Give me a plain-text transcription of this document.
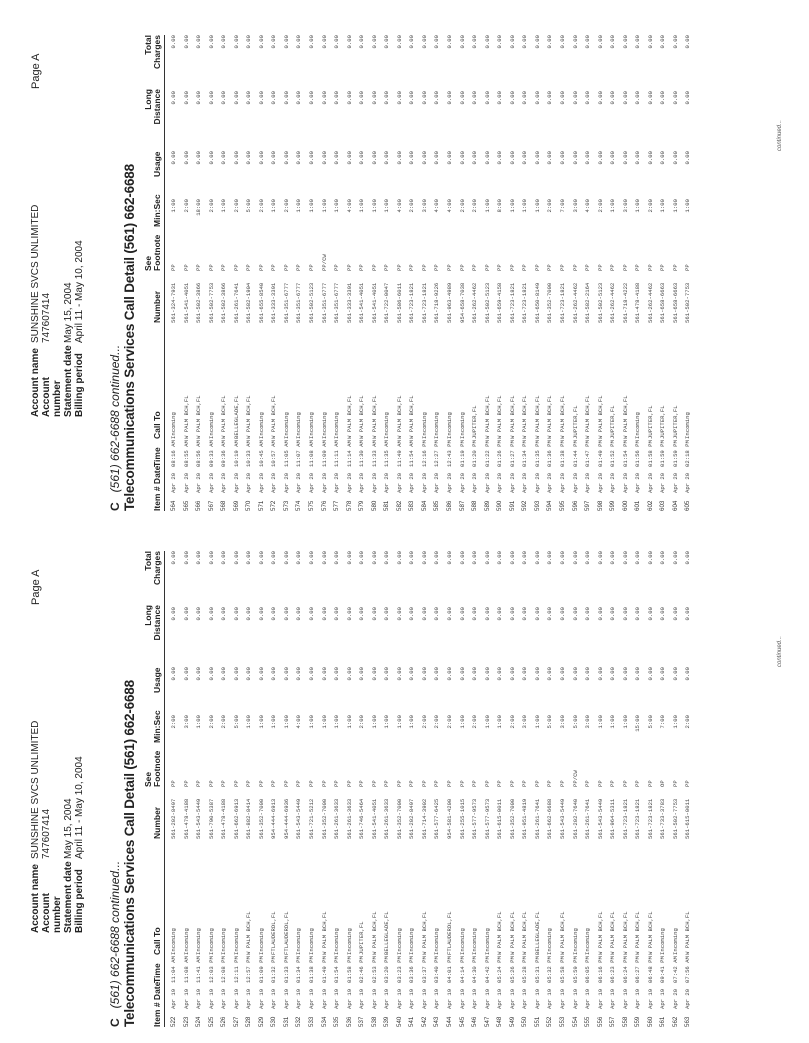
Account name
SUNSHINE SVCS UNLIMITED
Account number
747607414
Statement date
May 15, 2004
Billing period
April 11 - May 10, 2004
Page A
C(561) 662-6688 continued... Telecommunications Services Call Detail (561) 662-6688 Item # Date
Time
Call To
Number
See Footnote
Min:Sec
Usage
Long Distance
Total Charges
522
Apr 19
11:04 AM
Incoming
561-202-8497
PP
2:00
0.00
0.00
0.00
523
Apr 19
11:08 AM
Incoming
561-478-4188
PP
3:00
0.00
0.00
0.00
524
Apr 19
11:41 AM
Incoming
561-543-5449
PP
1:00
0.00
0.00
0.00
525
Apr 19
12:03 PM
Incoming
561-790-5387
PP
2:00
0.00
0.00
0.00
526
Apr 19
12:08 PM
Incoming
561-478-4188
PP
2:00
0.00
0.00
0.00
527
Apr 19
12:11 PM
Incoming
561-662-6913
PP
5:00
0.00
0.00
0.00
528
Apr 19
12:57 PM
W PALM BCH,FL
561-882-8414
PP
1:00
0.00
0.00
0.00
529
Apr 19
01:09 PM
Incoming
561-352-7000
PP
1:00
0.00
0.00
0.00
530
Apr 19
01:32 PM
FTLAUDERDL,FL
954-444-6913
PP
1:00
0.00
0.00
0.00
531
Apr 19
01:33 PM
FTLAUDERDL,FL
954-444-6936
PP
1:00
0.00
0.00
0.00
532
Apr 19
01:34 PM
Incoming
561-543-5449
PP
4:00
0.00
0.00
0.00
533
Apr 19
01:38 PM
Incoming
561-721-5212
PP
1:00
0.00
0.00
0.00
534
Apr 19
01:49 PM
W PALM BCH,FL
561-352-7000
PP
1:00
0.00
0.00
0.00
535
Apr 19
01:54 PM
Incoming
561-261-3633
PP
1:00
0.00
0.00
0.00
536
Apr 19
01:58 PM
Incoming
561-261-3633
PP
1:00
0.00
0.00
0.00
537
Apr 19
02:46 PM
JUPITER,FL
561-746-5464
PP
2:00
0.00
0.00
0.00
538
Apr 19
02:53 PM
W PALM BCH,FL
561-541-4051
PP
1:00
0.00
0.00
0.00
539
Apr 19
03:20 PM
BELLEGLADE,FL
561-261-3633
PP
1:00
0.00
0.00
0.00
540
Apr 19
03:23 PM
Incoming
561-352-7000
PP
1:00
0.00
0.00
0.00
541
Apr 19
03:36 PM
Incoming
561-202-8497
PP
1:00
0.00
0.00
0.00
542
Apr 19
03:37 PM
W PALM BCH,FL
561-714-3902
PP
2:00
0.00
0.00
0.00
543
Apr 19
03:40 PM
Incoming
561-577-6425
PP
2:00
0.00
0.00
0.00
544
Apr 19
04:01 PM
FTLAUDERDL,FL
954-581-4200
PP
2:00
0.00
0.00
0.00
545
Apr 19
04:14 PM
Incoming
561-255-1015
PP
1:00
0.00
0.00
0.00
546
Apr 19
04:30 PM
Incoming
561-577-9573
PP
2:00
0.00
0.00
0.00
547
Apr 19
04:42 PM
Incoming
561-577-9573
PP
1:00
0.00
0.00
0.00
548
Apr 19
05:24 PM
W PALM BCH,FL
561-615-0011
PP
1:00
0.00
0.00
0.00
549
Apr 19
05:26 PM
W PALM BCH,FL
561-352-7000
PP
2:00
0.00
0.00
0.00
550
Apr 19
05:28 PM
W PALM BCH,FL
561-951-4819
PP
3:00
0.00
0.00
0.00
551
Apr 19
05:31 PM
BELLEGLADE,FL
561-261-7641
PP
1:00
0.00
0.00
0.00
552
Apr 19
05:32 PM
Incoming
561-662-6688
PP
5:00
0.00
0.00
0.00
553
Apr 19
05:58 PM
W PALM BCH,FL
561-543-5449
PP
3:00
0.00
0.00
0.00
554
Apr 19
05:59 PM
Incoming
561-202-7640
PP/CW
5:00
0.00
0.00
0.00
555
Apr 19
06:05 PM
Incoming
561-261-7641
PP
3:00
0.00
0.00
0.00
556
Apr 19
06:16 PM
W PALM BCH,FL
561-543-5449
PP
1:00
0.00
0.00
0.00
557
Apr 19
06:23 PM
W PALM BCH,FL
561-964-5311
PP
1:00
0.00
0.00
0.00
558
Apr 19
06:24 PM
W PALM BCH,FL
561-723-1821
PP
1:00
0.00
0.00
0.00
559
Apr 19
06:27 PM
W PALM BCH,FL
561-723-1821
PP
15:00
0.00
0.00
0.00
560
Apr 19
06:48 PM
W PALM BCH,FL
561-723-1821
PP
5:00
0.00
0.00
0.00
561
Apr 19
09:41 PM
Incoming
561-733-3783
OP
7:00
0.00
0.00
0.00
562
Apr 20
07:42 AM
Incoming
561-502-7753
PP
1:00
0.00
0.00
0.00
563
Apr 20
07:56 AM
W PALM BCH,FL
561-615-0011
PP
2:00
0.00
0.00
0.00
continued...
Account name
SUNSHINE SVCS UNLIMITED
Account number
747607414
Statement date
May 15, 2004
Billing period
April 11 - May 10, 2004
Page A
C(561) 662-6688 continued... Telecommunications Services Call Detail (561) 662-6688 Item # Date
Time
Call To
Number
See Footnote
Min:Sec
Usage
Long Distance
Total Charges
564
Apr 20
08:16 AM
Incoming
561-324-7931
PP
1:00
0.00
0.00
0.00
565
Apr 20
08:55 AM
W PALM BCH,FL
561-541-4051
PP
2:00
0.00
0.00
0.00
566
Apr 20
08:56 AM
W PALM BCH,FL
561-502-3866
PP
18:00
0.00
0.00
0.00
567
Apr 20
09:33 AM
Incoming
561-502-7753
PP
2:00
0.00
0.00
0.00
568
Apr 20
09:36 AM
W PALM BCH,FL
561-502-3866
PP
1:00
0.00
0.00
0.00
569
Apr 20
10:19 AM
BELLEGLADE,FL
561-261-7641
PP
2:00
0.00
0.00
0.00
570
Apr 20
10:33 AM
W PALM BCH,FL
561-582-1904
PP
5:00
0.00
0.00
0.00
571
Apr 20
10:45 AM
Incoming
561-655-8540
PP
2:00
0.00
0.00
0.00
572
Apr 20
10:57 AM
W PALM BCH,FL
561-333-3391
PP
1:00
0.00
0.00
0.00
573
Apr 20
11:05 AM
Incoming
561-351-6777
PP
2:00
0.00
0.00
0.00
574
Apr 20
11:07 AM
Incoming
561-351-6777
PP
1:00
0.00
0.00
0.00
575
Apr 20
11:08 AM
Incoming
561-502-5123
PP
1:00
0.00
0.00
0.00
576
Apr 20
11:09 AM
Incoming
561-351-6777
PP/CW
1:00
0.00
0.00
0.00
577
Apr 20
11:11 AM
Incoming
561-351-6777
PP
1:00
0.00
0.00
0.00
578
Apr 20
11:14 AM
W PALM BCH,FL
561-333-3391
PP
4:00
0.00
0.00
0.00
579
Apr 20
11:30 AM
W PALM BCH,FL
561-541-4051
PP
1:00
0.00
0.00
0.00
580
Apr 20
11:33 AM
W PALM BCH,FL
561-541-4051
PP
1:00
0.00
0.00
0.00
581
Apr 20
11:35 AM
Incoming
561-722-0047
PP
1:00
0.00
0.00
0.00
582
Apr 20
11:49 AM
W PALM BCH,FL
561-586-6011
PP
4:00
0.00
0.00
0.00
583
Apr 20
11:54 AM
W PALM BCH,FL
561-723-1821
PP
2:00
0.00
0.00
0.00
584
Apr 20
12:16 PM
Incoming
561-723-1821
PP
3:00
0.00
0.00
0.00
585
Apr 20
12:27 PM
Incoming
561-718-9226
PP
4:00
0.00
0.00
0.00
586
Apr 20
12:43 PM
Incoming
561-963-4989
PP
4:00
0.00
0.00
0.00
587
Apr 20
01:19 PM
Incoming
954-658-7038
PP
2:00
0.00
0.00
0.00
588
Apr 20
01:20 PM
JUPITER,FL
561-262-4462
PP
2:00
0.00
0.00
0.00
589
Apr 20
01:22 PM
W PALM BCH,FL
561-502-5123
PP
1:00
0.00
0.00
0.00
590
Apr 20
01:26 PM
W PALM BCH,FL
561-659-4158
PP
8:00
0.00
0.00
0.00
591
Apr 20
01:27 PM
W PALM BCH,FL
561-723-1821
PP
1:00
0.00
0.00
0.00
592
Apr 20
01:34 PM
W PALM BCH,FL
561-723-1821
PP
1:00
0.00
0.00
0.00
593
Apr 20
01:35 PM
W PALM BCH,FL
561-650-8149
PP
1:00
0.00
0.00
0.00
594
Apr 20
01:36 PM
W PALM BCH,FL
561-352-7000
PP
2:00
0.00
0.00
0.00
595
Apr 20
01:38 PM
W PALM BCH,FL
561-723-1821
PP
7:00
0.00
0.00
0.00
596
Apr 20
01:44 PM
JUPITER,FL
561-262-4462
PP
3:00
0.00
0.00
0.00
597
Apr 20
01:47 PM
W PALM BCH,FL
561-582-2164
PP
4:00
0.00
0.00
0.00
598
Apr 20
01:49 PM
W PALM BCH,FL
561-502-5123
PP
2:00
0.00
0.00
0.00
599
Apr 20
01:52 PM
JUPITER,FL
561-262-4462
PP
1:00
0.00
0.00
0.00
600
Apr 20
01:54 PM
W PALM BCH,FL
561-718-4222
PP
3:00
0.00
0.00
0.00
601
Apr 20
01:56 PM
Incoming
561-478-4188
PP
1:00
0.00
0.00
0.00
602
Apr 20
01:58 PM
JUPITER,FL
561-262-4462
PP
2:00
0.00
0.00
0.00
603
Apr 20
01:59 PM
JUPITER,FL
561-658-6663
PP
1:00
0.00
0.00
0.00
604
Apr 20
01:59 PM
JUPITER,FL
561-658-6663
PP
1:00
0.00
0.00
0.00
605
Apr 20
02:18 PM
Incoming
561-502-7753
PP
1:00
0.00
0.00
0.00
continued...
